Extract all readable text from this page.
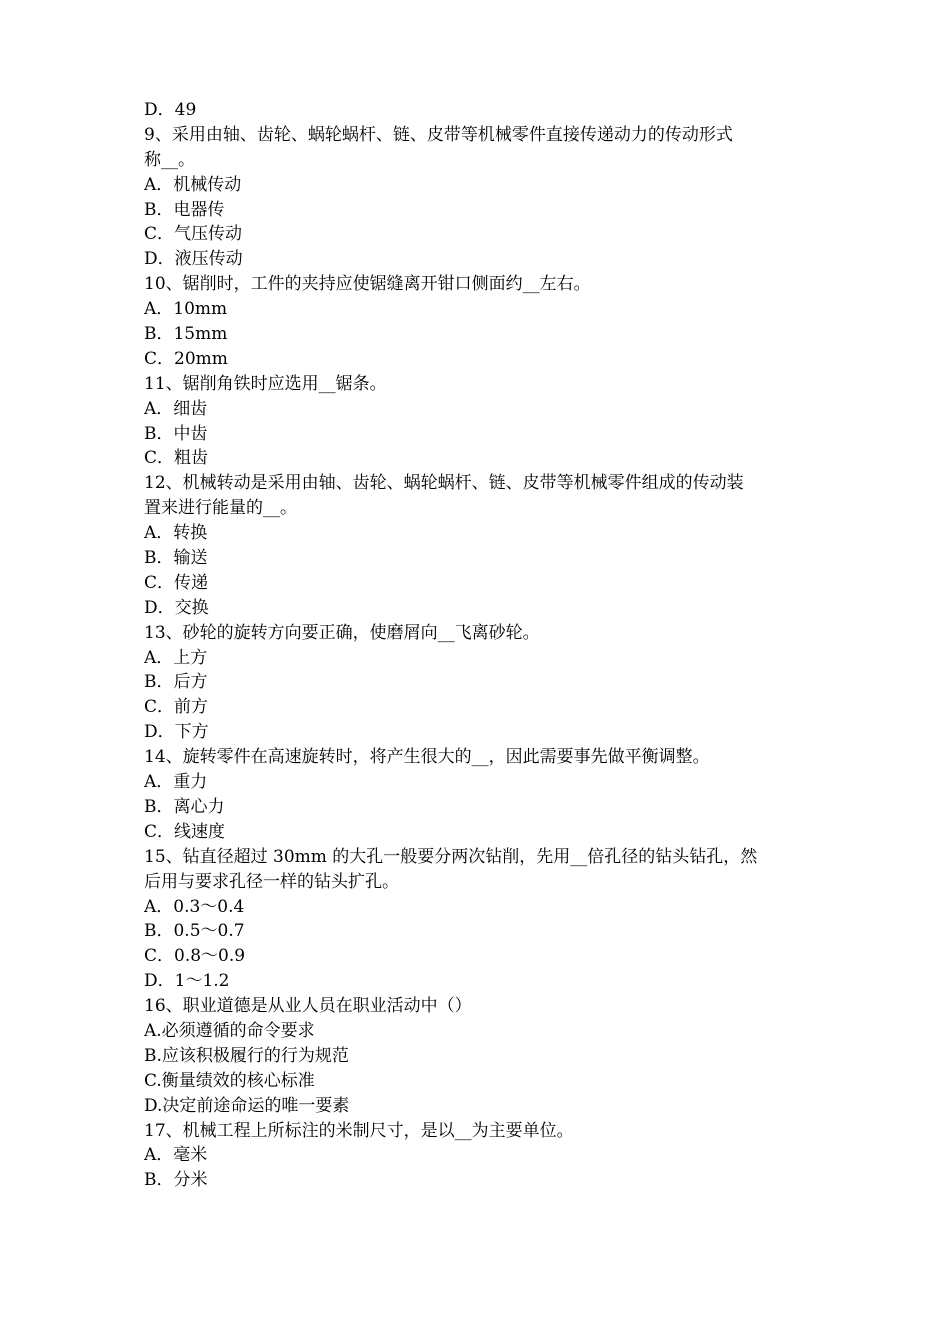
D．49
9、采用由轴、齿轮、蜗轮蜗杆、链、皮带等机械零件直接传递动力的传动形式
称__。
A．机械传动
B．电器传
C．气压传动
D．液压传动
10、锯削时，工件的夹持应使锯缝离开钳口侧面约__左右。
A．10mm
B．15mm
C．20mm
11、锯削角铁时应选用__锯条。
A．细齿
B．中齿
C．粗齿
12、机械转动是采用由轴、齿轮、蜗轮蜗杆、链、皮带等机械零件组成的传动装
置来进行能量的__。
A．转换
B．输送
C．传递
D．交换
13、砂轮的旋转方向要正确，使磨屑向__飞离砂轮。
A．上方
B．后方
C．前方
D．下方
14、旋转零件在高速旋转时，将产生很大的__，因此需要事先做平衡调整。
A．重力
B．离心力
C．线速度
15、钻直径超过 30mm 的大孔一般要分两次钻削，先用__倍孔径的钻头钻孔，然
后用与要求孔径一样的钻头扩孔。
A．0.3～0.4
B．0.5～0.7
C．0.8～0.9
D．1～1.2
16、职业道德是从业人员在职业活动中（）
A.必须遵循的命令要求
B.应该积极履行的行为规范
C.衡量绩效的核心标准
D.决定前途命运的唯一要素
17、机械工程上所标注的米制尺寸，是以__为主要单位。
A．毫米
B．分米
